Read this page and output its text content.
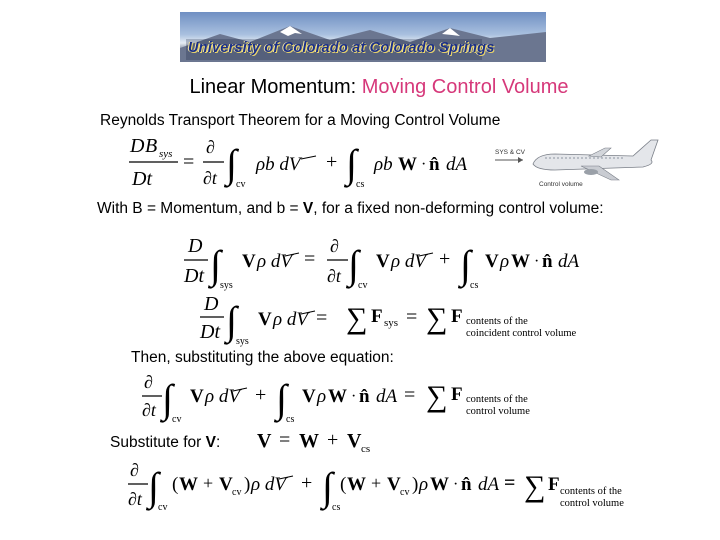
University of Colorado at Colorado Springs
Linear Momentum: Moving Control Volume
Reynolds Transport Theorem for a Moving Control Volume
D B sys
Dt
=
∂
∂t ∫ cv
ρb dV + ∫ cs
ρb W · n̂ dA
SYS & CV
Control volume
With B = Momentum, and b = V, for a fixed non-deforming control volume:
D
Dt ∫ sys
V ρ dV =
∂
∂t ∫ cv
V ρ dV + ∫ cs
V ρ W · n̂ dA
D
Dt ∫ sys
V ρ dV = ∑ F sys = ∑ F contents of the
coincident control volume
Then, substituting the above equation:
∂
∂t ∫ cv
V ρ dV + ∫ cs
V ρ W · n̂ dA = ∑ F contents of the
control volume
Substitute for V: V = W + V cs
∂
∂t ∫ cv
( W + V cv ) ρ dV + ∫ cs
( W + V cv ) ρ W · n̂ dA = ∑ F contents of the
control volume
